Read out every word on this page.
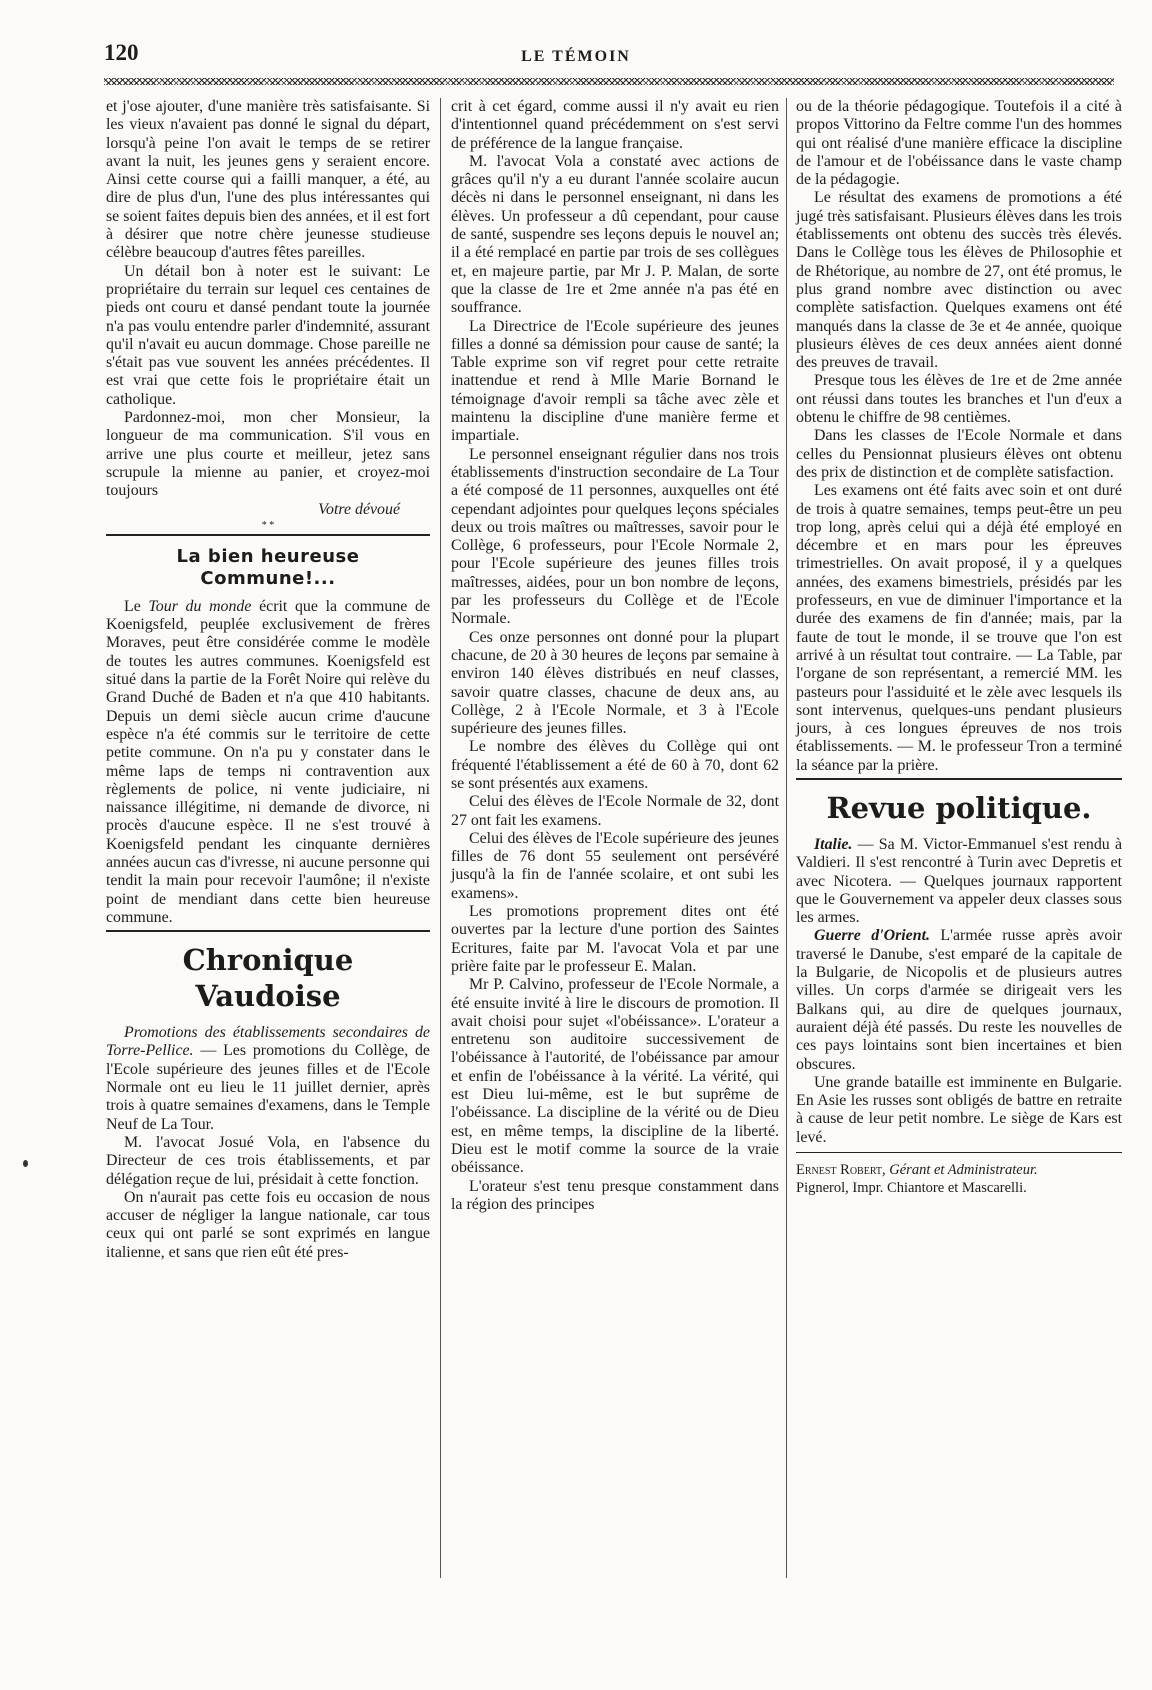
120	LE TÉMOIN

et j'ose ajouter, d'une manière très satisfaisante. Si les vieux n'avaient pas donné le signal du départ, lorsqu'à peine l'on avait le temps de se retirer avant la nuit, les jeunes gens y seraient encore. Ainsi cette course qui a failli manquer, a été, au dire de plus d'un, l'une des plus intéressantes qui se soient faites depuis bien des années, et il est fort à désirer que notre chère jeunesse studieuse célèbre beaucoup d'autres fêtes pareilles.

Un détail bon à noter est le suivant: Le propriétaire du terrain sur lequel ces centaines de pieds ont couru et dansé pendant toute la journée n'a pas voulu entendre parler d'indemnité, assurant qu'il n'avait eu aucun dommage. Chose pareille ne s'était pas vue souvent les années précédentes. Il est vrai que cette fois le propriétaire était un catholique.

Pardonnez-moi, mon cher Monsieur, la longueur de ma communication. S'il vous en arrive une plus courte et meilleur, jetez sans scrupule la mienne au panier, et croyez-moi toujours

Votre dévoué
* *
La bien heureuse Commune!...

Le Tour du monde écrit que la commune de Koenigsfeld, peuplée exclusivement de frères Moraves, peut être considérée comme le modèle de toutes les autres communes. Koenigsfeld est situé dans la partie de la Forêt Noire qui relève du Grand Duché de Baden et n'a que 410 habitants. Depuis un demi siècle aucun crime d'aucune espèce n'a été commis sur le territoire de cette petite commune. On n'a pu y constater dans le même laps de temps ni contravention aux règlements de police, ni vente judiciaire, ni naissance illégitime, ni demande de divorce, ni procès d'aucune espèce. Il ne s'est trouvé à Koenigsfeld pendant les cinquante dernières années aucun cas d'ivresse, ni aucune personne qui tendit la main pour recevoir l'aumône; il n'existe point de mendiant dans cette bien heureuse commune.

Chronique Vaudoise

Promotions des établissements secondaires de Torre-Pellice. — Les promotions du Collège, de l'Ecole supérieure des jeunes filles et de l'Ecole Normale ont eu lieu le 11 juillet dernier, après trois à quatre semaines d'examens, dans le Temple Neuf de La Tour.

M. l'avocat Josué Vola, en l'absence du Directeur de ces trois établissements, et par délégation reçue de lui, présidait à cette fonction.

On n'aurait pas cette fois eu occasion de nous accuser de négliger la langue nationale, car tous ceux qui ont parlé se sont exprimés en langue italienne, et sans que rien eût été pres-

crit à cet égard, comme aussi il n'y avait eu rien d'intentionnel quand précédemment on s'est servi de préférence de la langue française.

M. l'avocat Vola a constaté avec actions de grâces qu'il n'y a eu durant l'année scolaire aucun décès ni dans le personnel enseignant, ni dans les élèves. Un professeur a dû cependant, pour cause de santé, suspendre ses leçons depuis le nouvel an; il a été remplacé en partie par trois de ses collègues et, en majeure partie, par Mr J. P. Malan, de sorte que la classe de 1re et 2me année n'a pas été en souffrance.

La Directrice de l'Ecole supérieure des jeunes filles a donné sa démission pour cause de santé; la Table exprime son vif regret pour cette retraite inattendue et rend à Mlle Marie Bornand le témoignage d'avoir rempli sa tâche avec zèle et maintenu la discipline d'une manière ferme et impartiale.

Le personnel enseignant régulier dans nos trois établissements d'instruction secondaire de La Tour a été composé de 11 personnes, auxquelles ont été cependant adjointes pour quelques leçons spéciales deux ou trois maîtres ou maîtresses, savoir pour le Collège, 6 professeurs, pour l'Ecole Normale 2, pour l'Ecole supérieure des jeunes filles trois maîtresses, aidées, pour un bon nombre de leçons, par les professeurs du Collège et de l'Ecole Normale.

Ces onze personnes ont donné pour la plupart chacune, de 20 à 30 heures de leçons par semaine à environ 140 élèves distribués en neuf classes, savoir quatre classes, chacune de deux ans, au Collège, 2 à l'Ecole Normale, et 3 à l'Ecole supérieure des jeunes filles.

Le nombre des élèves du Collège qui ont fréquenté l'établissement a été de 60 à 70, dont 62 se sont présentés aux examens.

Celui des élèves de l'Ecole Normale de 32, dont 27 ont fait les examens.

Celui des élèves de l'Ecole supérieure des jeunes filles de 76 dont 55 seulement ont persévéré jusqu'à la fin de l'année scolaire, et ont subi les examens».

Les promotions proprement dites ont été ouvertes par la lecture d'une portion des Saintes Ecritures, faite par M. l'avocat Vola et par une prière faite par le professeur E. Malan.

Mr P. Calvino, professeur de l'Ecole Normale, a été ensuite invité à lire le discours de promotion. Il avait choisi pour sujet «l'obéissance». L'orateur a entretenu son auditoire successivement de l'obéissance à l'autorité, de l'obéissance par amour et enfin de l'obéissance à la vérité. La vérité, qui est Dieu lui-même, est le but suprême de l'obéissance. La discipline de la vérité ou de Dieu est, en même temps, la discipline de la liberté. Dieu est le motif comme la source de la vraie obéissance.

L'orateur s'est tenu presque constamment dans la région des principes

ou de la théorie pédagogique. Toutefois il a cité à propos Vittorino da Feltre comme l'un des hommes qui ont réalisé d'une manière efficace la discipline de l'amour et de l'obéissance dans le vaste champ de la pédagogie.

Le résultat des examens de promotions a été jugé très satisfaisant. Plusieurs élèves dans les trois établissements ont obtenu des succès très élevés. Dans le Collège tous les élèves de Philosophie et de Rhétorique, au nombre de 27, ont été promus, le plus grand nombre avec distinction ou avec complète satisfaction. Quelques examens ont été manqués dans la classe de 3e et 4e année, quoique plusieurs élèves de ces deux années aient donné des preuves de travail.

Presque tous les élèves de 1re et de 2me année ont réussi dans toutes les branches et l'un d'eux a obtenu le chiffre de 98 centièmes.

Dans les classes de l'Ecole Normale et dans celles du Pensionnat plusieurs élèves ont obtenu des prix de distinction et de complète satisfaction.

Les examens ont été faits avec soin et ont duré de trois à quatre semaines, temps peut-être un peu trop long, après celui qui a déjà été employé en décembre et en mars pour les épreuves trimestrielles. On avait proposé, il y a quelques années, des examens bimestriels, présidés par les professeurs, en vue de diminuer l'importance et la durée des examens de fin d'année; mais, par la faute de tout le monde, il se trouve que l'on est arrivé à un résultat tout contraire. — La Table, par l'organe de son représentant, a remercié MM. les pasteurs pour l'assiduité et le zèle avec lesquels ils sont intervenus, quelques-uns pendant plusieurs jours, à ces longues épreuves de nos trois établissements. — M. le professeur Tron a terminé la séance par la prière.

Revue politique.

Italie. — Sa M. Victor-Emmanuel s'est rendu à Valdieri. Il s'est rencontré à Turin avec Depretis et avec Nicotera. — Quelques journaux rapportent que le Gouvernement va appeler deux classes sous les armes.

Guerre d'Orient. L'armée russe après avoir traversé le Danube, s'est emparé de la capitale de la Bulgarie, de Nicopolis et de plusieurs autres villes. Un corps d'armée se dirigeait vers les Balkans qui, au dire de quelques journaux, auraient déjà été passés. Du reste les nouvelles de ces pays lointains sont bien incertaines et bien obscures.

Une grande bataille est imminente en Bulgarie. En Asie les russes sont obligés de battre en retraite à cause de leur petit nombre. Le siège de Kars est levé.

Ernest Robert, Gérant et Administrateur.

Pignerol, Impr. Chiantore et Mascarelli.
